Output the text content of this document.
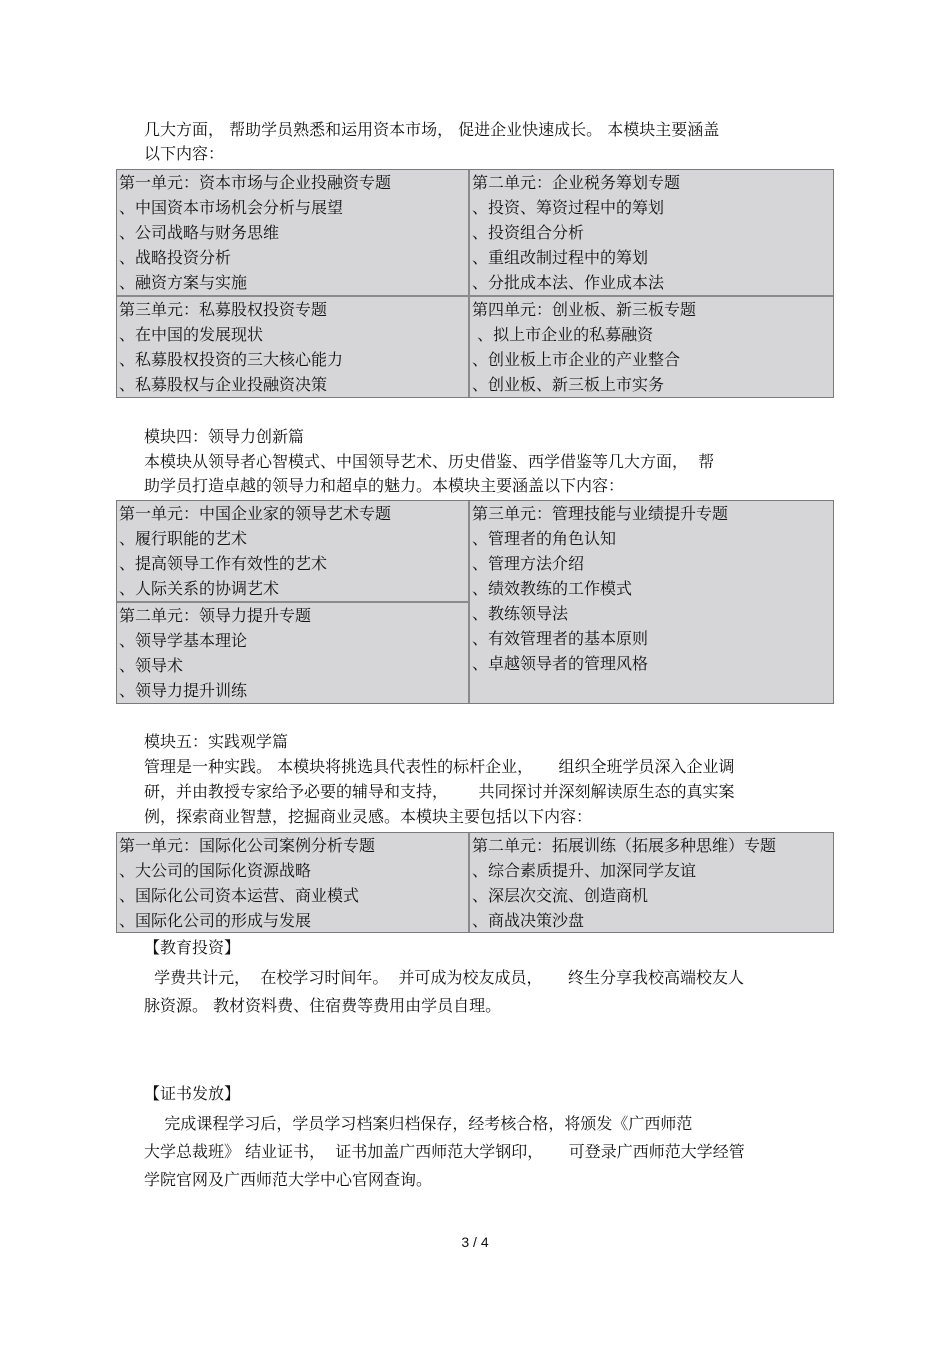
几大方面， 帮助学员熟悉和运用资本市场， 促进企业快速成长。 本模块主要涵盖
以下内容：
第一单元：资本市场与企业投融资专题
、中国资本市场机会分析与展望
、公司战略与财务思维
、战略投资分析
、融资方案与实施
第二单元：企业税务筹划专题
、投资、筹资过程中的筹划
、投资组合分析
、重组改制过程中的筹划
、分批成本法、作业成本法
第三单元：私募股权投资专题
、在中国的发展现状
、私募股权投资的三大核心能力
、私募股权与企业投融资决策
第四单元：创业板、新三板专题
、拟上市企业的私募融资
、创业板上市企业的产业整合
、创业板、新三板上市实务
模块四：领导力创新篇
本模块从领导者心智模式、中国领导艺术、历史借鉴、西学借鉴等几大方面，  帮
助学员打造卓越的领导力和超卓的魅力。本模块主要涵盖以下内容：
第一单元：中国企业家的领导艺术专题
、履行职能的艺术
、提高领导工作有效性的艺术
、人际关系的协调艺术
第二单元：领导力提升专题
、领导学基本理论
、领导术
、领导力提升训练
第三单元：管理技能与业绩提升专题
、管理者的角色认知
、管理方法介绍
、绩效教练的工作模式
、教练领导法
、有效管理者的基本原则
、卓越领导者的管理风格
模块五：实践观学篇
管理是一种实践。 本模块将挑选具代表性的标杆企业，     组织全班学员深入企业调
研，并由教授专家给予必要的辅导和支持，      共同探讨并深刻解读原生态的真实案
例，探索商业智慧，挖掘商业灵感。本模块主要包括以下内容：
第一单元：国际化公司案例分析专题
、大公司的国际化资源战略
、国际化公司资本运营、商业模式
、国际化公司的形成与发展
第二单元：拓展训练（拓展多种思维）专题
、综合素质提升、加深同学友谊
、深层次交流、创造商机
、商战决策沙盘
【教育投资】
学费共计元，  在校学习时间年。  并可成为校友成员，     终生分享我校高端校友人
脉资源。 教材资料费、住宿费等费用由学员自理。
【证书发放】
完成课程学习后，学员学习档案归档保存，经考核合格，将颁发《广西师范
大学总裁班》 结业证书，  证书加盖广西师范大学钢印，     可登录广西师范大学经管
学院官网及广西师范大学中心官网查询。
3 / 4
